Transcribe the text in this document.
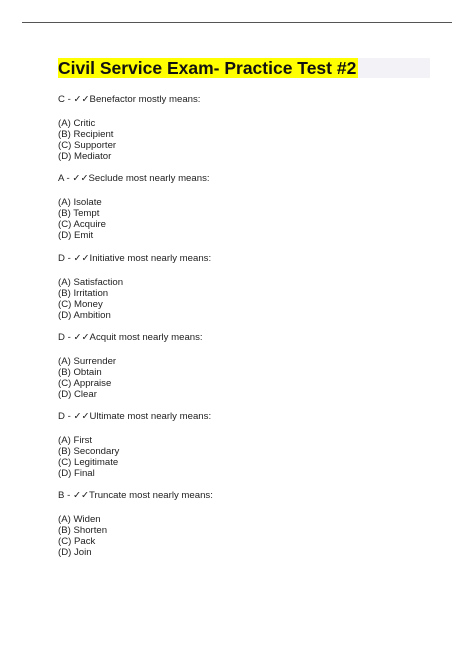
Civil Service Exam- Practice Test #2
C - ✓✓Benefactor mostly means:
(A) Critic
(B) Recipient
(C) Supporter
(D) Mediator
A - ✓✓Seclude most nearly means:
(A) Isolate
(B) Tempt
(C) Acquire
(D) Emit
D - ✓✓Initiative most nearly means:
(A) Satisfaction
(B) Irritation
(C) Money
(D) Ambition
D - ✓✓Acquit most nearly means:
(A) Surrender
(B) Obtain
(C) Appraise
(D) Clear
D - ✓✓Ultimate most nearly means:
(A) First
(B) Secondary
(C) Legitimate
(D) Final
B - ✓✓Truncate most nearly means:
(A) Widen
(B) Shorten
(C) Pack
(D) Join
